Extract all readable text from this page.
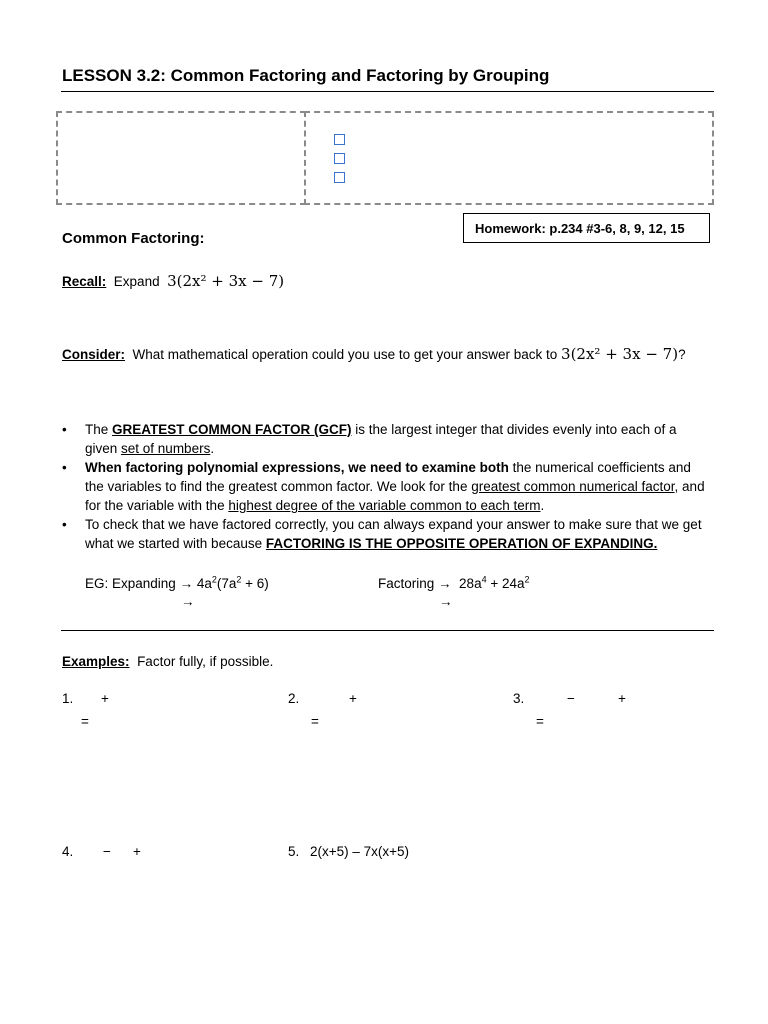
LESSON 3.2: Common Factoring and Factoring by Grouping
Homework: p.234 #3-6, 8, 9, 12, 15
Common Factoring:
Recall: Expand 3(2x² + 3x − 7)
Consider: What mathematical operation could you use to get your answer back to 3(2x² + 3x − 7)?
• The GREATEST COMMON FACTOR (GCF) is the largest integer that divides evenly into each of a given set of numbers.
• When factoring polynomial expressions, we need to examine both the numerical coefficients and the variables to find the greatest common factor. We look for the greatest common numerical factor, and for the variable with the highest degree of the variable common to each term.
• To check that we have factored correctly, you can always expand your answer to make sure that we get what we started with because FACTORING IS THE OPPOSITE OPERATION OF EXPANDING.
EG: Expanding → $4a^2(7a^2 + 6)$
→
Factoring → $28a^4 + 24a^2$
→
Examples: Factor fully, if possible.
1. +
=
2.	+
=
3.	−	+
=
4. − +	5. 2(x+5) – 7x(x+5)
